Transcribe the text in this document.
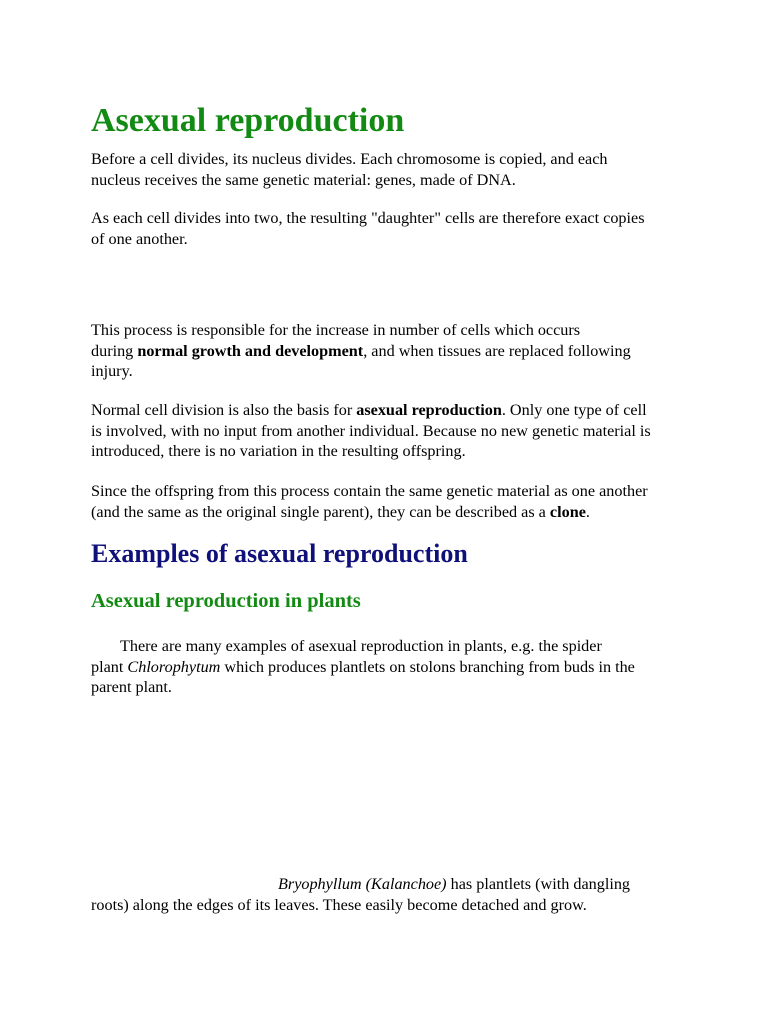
Asexual reproduction

Before a cell divides, its nucleus divides. Each chromosome is copied, and each
nucleus receives the same genetic material: genes, made of DNA.

As each cell divides into two, the resulting "daughter" cells are therefore exact copies
of one another.

This process is responsible for the increase in number of cells which occurs
during normal growth and development, and when tissues are replaced following
injury.

Normal cell division is also the basis for asexual reproduction. Only one type of cell
is involved, with no input from another individual. Because no new genetic material is
introduced, there is no variation in the resulting offspring.

Since the offspring from this process contain the same genetic material as one another
(and the same as the original single parent), they can be described as a clone.

Examples of asexual reproduction
Asexual reproduction in plants

There are many examples of asexual reproduction in plants, e.g. the spider
plant Chlorophytum which produces plantlets on stolons branching from buds in the
parent plant.

Bryophyllum (Kalanchoe) has plantlets (with dangling
roots) along the edges of its leaves. These easily become detached and grow.
